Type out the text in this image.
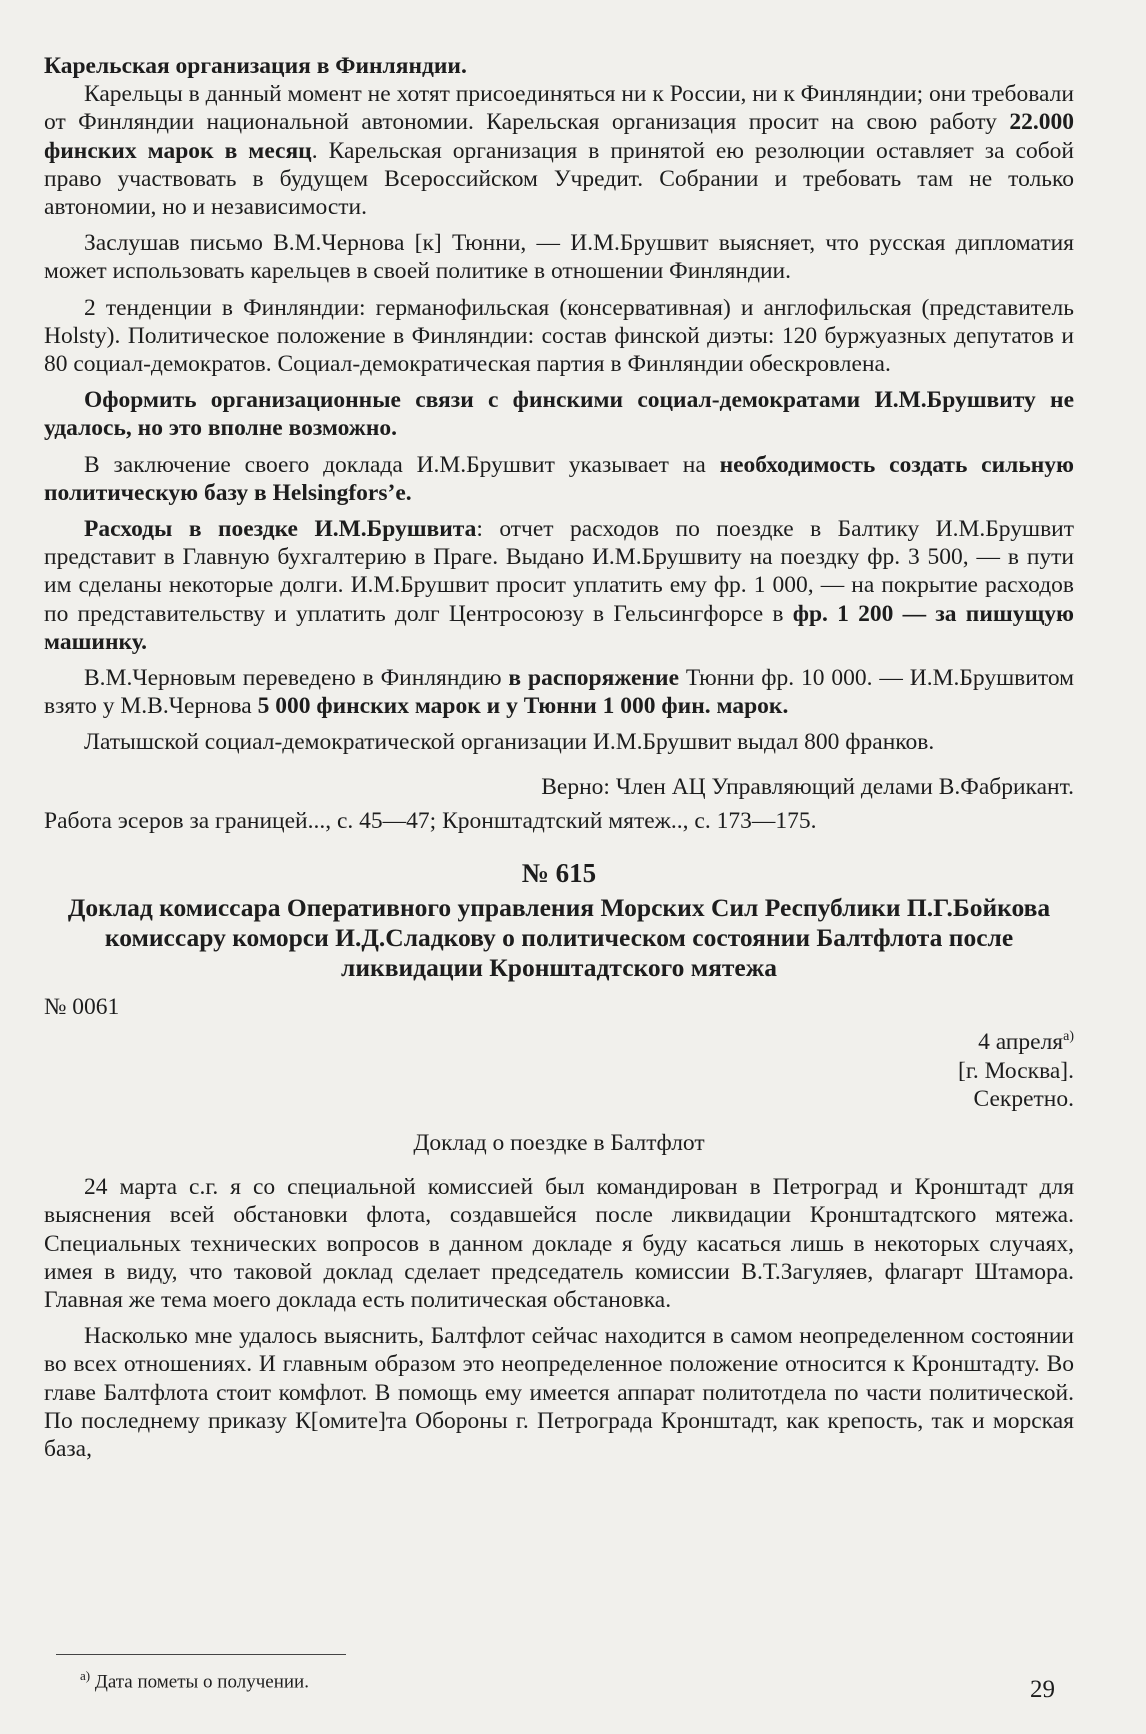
Карельская организация в Финляндии.

Карельцы в данный момент не хотят присоединяться ни к России, ни к Финляндии; они требовали от Финляндии национальной автономии. Карельская организация просит на свою работу 22.000 финских марок в месяц. Карельская организация в принятой ею резолюции оставляет за собой право участвовать в будущем Всероссийском Учредит. Собрании и требовать там не только автономии, но и независимости.

Заслушав письмо В.М.Чернова [к] Тюнни, — И.М.Брушвит выясняет, что русская дипломатия может использовать карельцев в своей политике в отношении Финляндии.

2 тенденции в Финляндии: германофильская (консервативная) и англофильская (представитель Holsty). Политическое положение в Финляндии: состав финской диэты: 120 буржуазных депутатов и 80 социал-демократов. Социал-демократическая партия в Финляндии обескровлена.

Оформить организационные связи с финскими социал-демократами И.М.Брушвиту не удалось, но это вполне возможно.

В заключение своего доклада И.М.Брушвит указывает на необходимость создать сильную политическую базу в Helsingfors’e.

Расходы в поездке И.М.Брушвита: отчет расходов по поездке в Балтику И.М.Брушвит представит в Главную бухгалтерию в Праге. Выдано И.М.Брушвиту на поездку фр. 3 500, — в пути им сделаны некоторые долги. И.М.Брушвит просит уплатить ему фр. 1 000, — на покрытие расходов по представительству и уплатить долг Центросоюзу в Гельсингфорсе в фр. 1 200 — за пишущую машинку.

В.М.Черновым переведено в Финляндию в распоряжение Тюнни фр. 10 000. — И.М.Брушвитом взято у М.В.Чернова 5 000 финских марок и у Тюнни 1 000 фин. марок.

Латышской социал-демократической организации И.М.Брушвит выдал 800 франков.

Верно: Член АЦ Управляющий делами В.Фабрикант.

Работа эсеров за границей..., с. 45—47; Кронштадтский мятеж.., с. 173—175.

№ 615
Доклад комиссара Оперативного управления Морских Сил Республики П.Г.Бойкова комиссару коморси И.Д.Сладкову о политическом состоянии Балтфлота после ликвидации Кронштадтского мятежа

№ 0061

4 апреля$^{а)}$

[г. Москва].

Секретно.

Доклад о поездке в Балтфлот

24 марта с.г. я со специальной комиссией был командирован в Петроград и Кронштадт для выяснения всей обстановки флота, создавшейся после ликвидации Кронштадтского мятежа. Специальных технических вопросов в данном докладе я буду касаться лишь в некоторых случаях, имея в виду, что таковой доклад сделает председатель комиссии В.Т.Загуляев, флагарт Штамора. Главная же тема моего доклада есть политическая обстановка.

Насколько мне удалось выяснить, Балтфлот сейчас находится в самом неопределенном состоянии во всех отношениях. И главным образом это неопределенное положение относится к Кронштадту. Во главе Балтфлота стоит комфлот. В помощь ему имеется аппарат политотдела по части политической. По последнему приказу К[омите]та Обороны г. Петрограда Кронштадт, как крепость, так и морская база,

$^{а)}$ Дата пометы о получении.	29
